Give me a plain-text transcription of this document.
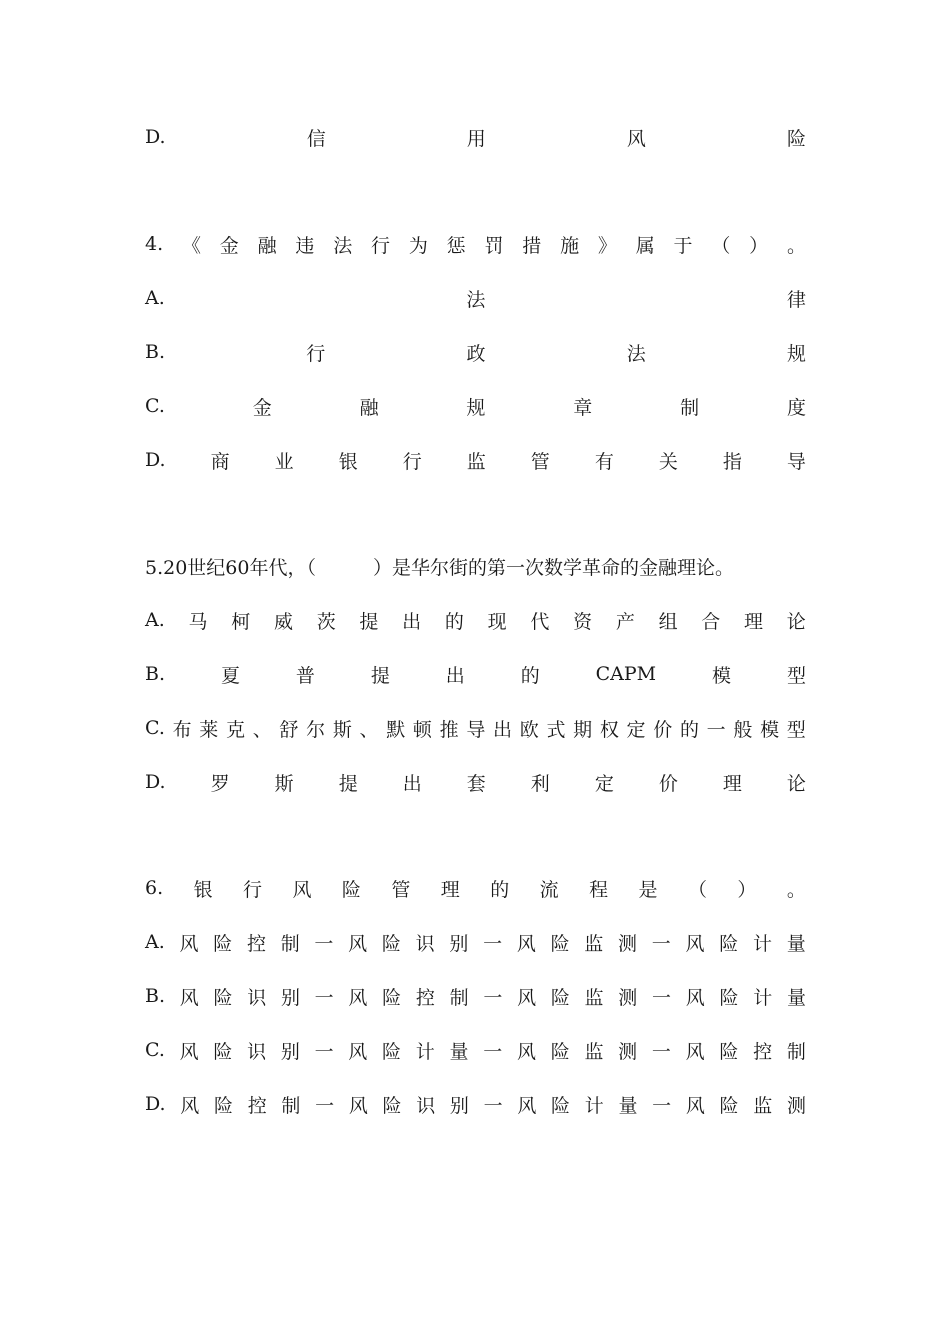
D.	信	用	风	险
4. 《 金 融 违 法 行 为 惩 罚 措 施 》 属 于 （ ） 。
A.	法	律
B.	行	政	法	规
C.	金	融	规	章	制	度
D. 商 业 银 行 监 管 有 关 指 导
5.20世纪60年代，（　　　）是华尔街的第一次数学革命的金融理论。
A. 马 柯 威 茨 提 出 的 现 代 资 产 组 合 理 论
B.	夏	普	提	出	的	CAPM	模	型
C. 布 莱 克 、 舒 尔 斯 、 默 顿 推 导 出 欧 式 期 权 定 价 的 一 般 模 型
D. 罗 斯 提 出 套 利 定 价 理 论
6. 银 行 风 险 管 理 的 流 程 是 （ ） 。
A. 风 险 控 制 一 风 险 识 别 一 风 险 监 测 一 风 险 计 量
B. 风 险 识 别 一 风 险 控 制 一 风 险 监 测 一 风 险 计 量
C. 风 险 识 别 一 风 险 计 量 一 风 险 监 测 一 风 险 控 制
D. 风 险 控 制 一 风 险 识 别 一 风 险 计 量 一 风 险 监 测
